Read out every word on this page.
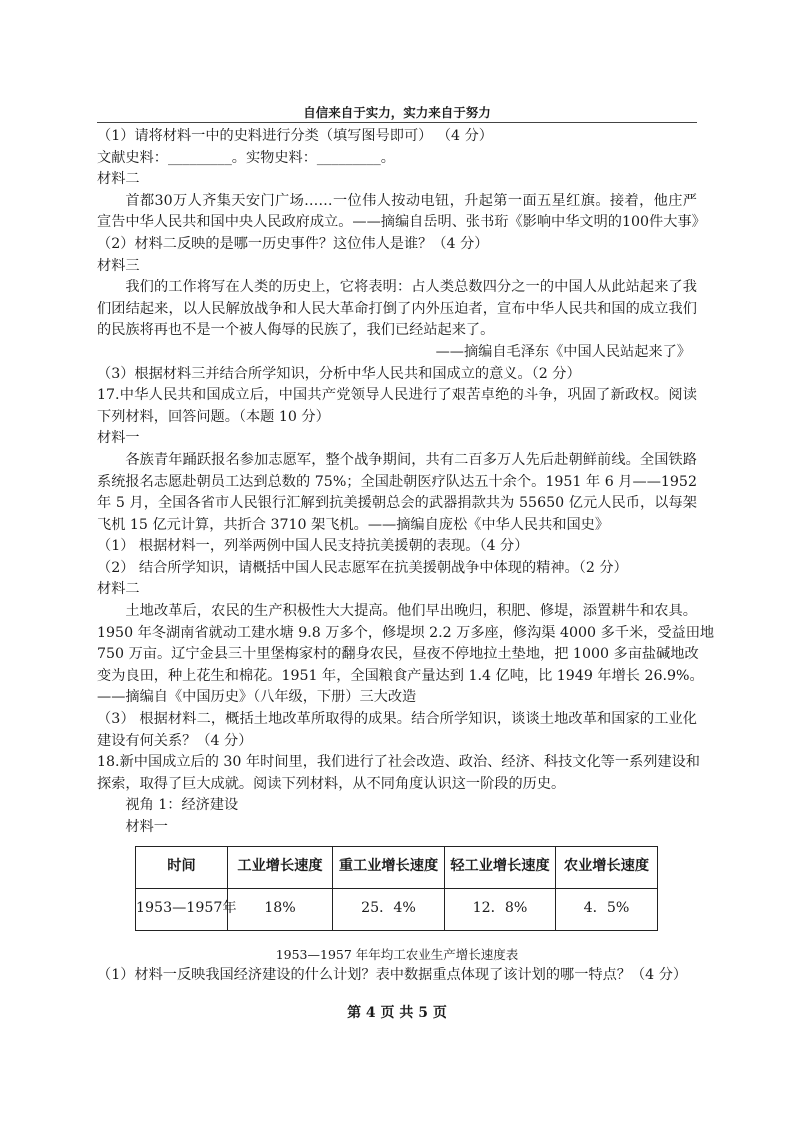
自信来自于实力，实力来自于努力
（1）请将材料一中的史料进行分类（填写图号即可） （4 分）
文献史料：_________。实物史料：_________。
材料二
首都30万人齐集天安门广场……一位伟人按动电钮，升起第一面五星红旗。接着，他庄严
宣告中华人民共和国中央人民政府成立。——摘编自岳明、张书珩《影响中华文明的100件大事》
（2）材料二反映的是哪一历史事件？这位伟人是谁？（4 分）
材料三
我们的工作将写在人类的历史上，它将表明：占人类总数四分之一的中国人从此站起来了我
们团结起来，以人民解放战争和人民大革命打倒了内外压迫者，宣布中华人民共和国的成立我们
的民族将再也不是一个被人侮辱的民族了，我们已经站起来了。
——摘编自毛泽东《中国人民站起来了》
（3）根据材料三并结合所学知识，分析中华人民共和国成立的意义。（2 分）
17.中华人民共和国成立后，中国共产党领导人民进行了艰苦卓绝的斗争，巩固了新政权。阅读
下列材料，回答问题。（本题 10 分）
材料一
各族青年踊跃报名参加志愿军，整个战争期间，共有二百多万人先后赴朝鲜前线。全国铁路
系统报名志愿赴朝员工达到总数的 75%；全国赴朝医疗队达五十余个。1951 年 6 月——1952
年 5 月，全国各省市人民银行汇解到抗美援朝总会的武器捐款共为 55650 亿元人民币，以每架
飞机 15 亿元计算，共折合 3710 架飞机。——摘编自庞松《中华人民共和国史》
（1） 根据材料一，列举两例中国人民支持抗美援朝的表现。（4 分）
（2） 结合所学知识，请概括中国人民志愿军在抗美援朝战争中体现的精神。（2 分）
材料二
土地改革后，农民的生产积极性大大提高。他们早出晚归，积肥、修堤，添置耕牛和农具。
1950 年冬湖南省就动工建水塘 9.8 万多个，修堤坝 2.2 万多座，修沟渠 4000 多千米，受益田地
750 万亩。辽宁金县三十里堡梅家村的翻身农民，昼夜不停地拉土垫地，把 1000 多亩盐碱地改
变为良田，种上花生和棉花。1951 年，全国粮食产量达到 1.4 亿吨，比 1949 年增长 26.9%。
——摘编自《中国历史》（八年级，下册）三大改造
（3） 根据材料二，概括土地改革所取得的成果。结合所学知识，谈谈土地改革和国家的工业化
建设有何关系？（4 分）
18.新中国成立后的 30 年时间里，我们进行了社会改造、政治、经济、科技文化等一系列建设和
探索，取得了巨大成就。阅读下列材料，从不同角度认识这一阶段的历史。
视角 1：经济建设
材料一
时间	工业增长速度	重工业增长速度	轻工业增长速度	农业增长速度
1953—1957年	18%	25．4%	12．8%	4．5%
1953—1957 年年均工农业生产增长速度表
（1）材料一反映我国经济建设的什么计划？表中数据重点体现了该计划的哪一特点？（4 分）
第 4 页 共 5 页
